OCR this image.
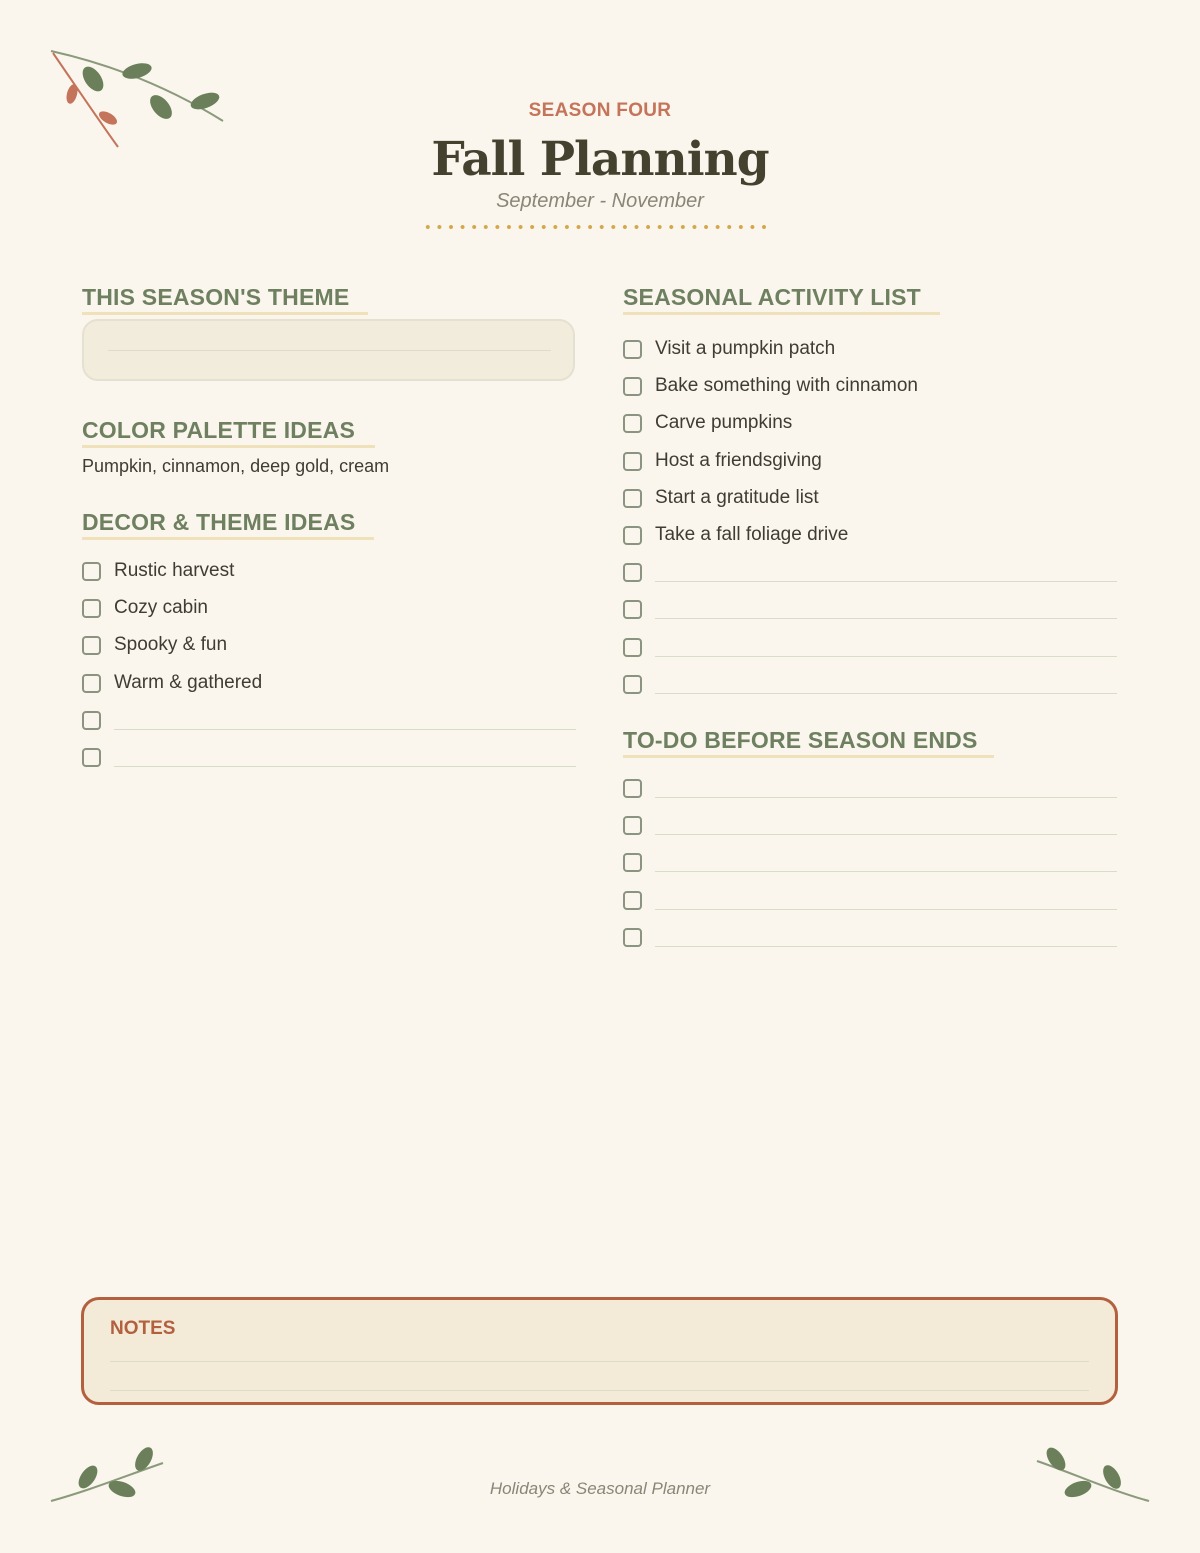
SEASON FOUR
Fall Planning
September - November
THIS SEASON'S THEME
COLOR PALETTE IDEAS
Pumpkin, cinnamon, deep gold, cream
DECOR & THEME IDEAS
Rustic harvest
Cozy cabin
Spooky & fun
Warm & gathered
SEASONAL ACTIVITY LIST
Visit a pumpkin patch
Bake something with cinnamon
Carve pumpkins
Host a friendsgiving
Start a gratitude list
Take a fall foliage drive
TO-DO BEFORE SEASON ENDS
NOTES
Holidays & Seasonal Planner
